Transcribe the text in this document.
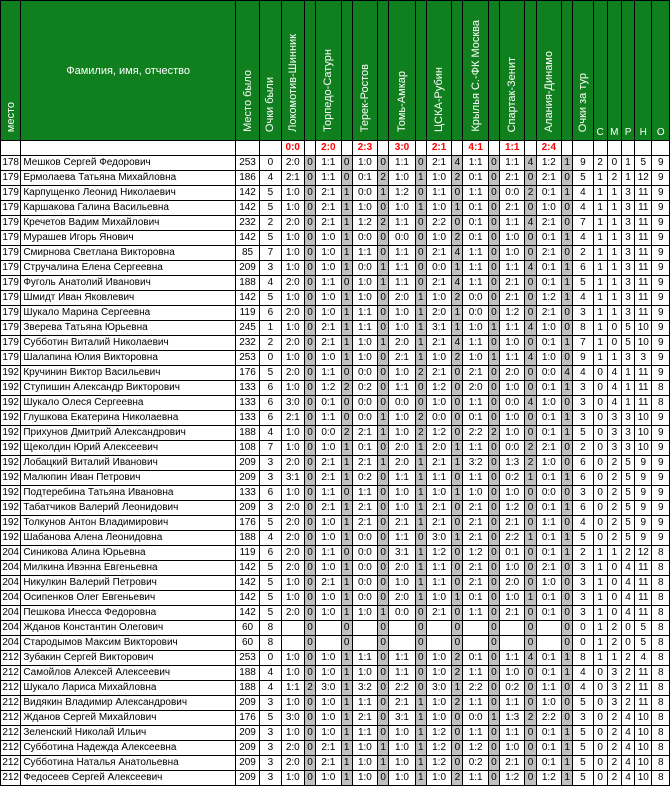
место	Фамилия, имя, отчество	Место было	Очки были	Локомотив-Шинник		Торпедо-Сатурн		Терек-Ростов		Томь-Амкар		ЦСКА-Рубин		Крылья С.-ФК Москва		Спартак-Зенит		Алания-Динамо		Очки за тур	С	М	Р	Н	О
				0:0		2:0		2:3		3:0		2:1		4:1		1:1		2:4							
178	Мешков Сергей Федорович	253	0	2:0	0	1:1	0	1:0	0	1:1	0	2:1	4	1:1	0	1:1	4	1:2	1	9	2	0	1	5	9
179	Ермолаева Татьяна Михайловна	186	4	2:1	0	1:1	0	0:1	2	1:0	1	1:0	2	0:1	0	2:1	0	2:1	0	5	1	2	1	12	9
179	Карпущенко Леонид Николаевич	142	5	1:0	0	2:1	1	0:0	1	1:2	0	1:1	0	1:1	0	0:0	2	0:1	1	4	1	1	3	11	9
179	Каршакова Галина Васильевна	142	5	1:0	0	2:1	1	1:0	0	1:0	1	1:0	1	0:1	0	2:1	0	1:0	0	4	1	1	3	11	9
179	Кречетов Вадим Михайлович	232	2	2:0	0	2:1	1	1:2	2	1:1	0	2:2	0	0:1	0	1:1	4	2:1	0	7	1	1	3	11	9
179	Мурашев Игорь Янович	142	5	1:0	0	1:0	1	0:0	0	0:0	0	1:0	2	0:1	0	1:0	0	0:1	1	4	1	1	3	11	9
179	Смирнова Светлана Викторовна	85	7	1:0	0	1:0	1	1:1	0	1:1	0	2:1	4	1:1	0	1:0	0	2:1	0	2	1	1	3	11	9
179	Стручалина Елена Сергеевна	209	3	1:0	0	1:0	1	0:0	1	1:1	0	0:0	1	1:1	0	1:1	4	0:1	1	6	1	1	3	11	9
179	Фуголь Анатолий Иванович	188	4	2:0	0	1:1	0	1:0	1	1:1	0	2:1	4	1:1	0	2:1	0	0:1	1	5	1	1	3	11	9
179	Шмидт Иван Яковлевич	142	5	1:0	0	1:0	1	1:0	0	2:0	1	1:0	2	0:0	0	2:1	0	1:2	1	4	1	1	3	11	9
179	Шукало Марина Сергеевна	119	6	2:0	0	1:0	1	1:1	0	1:0	1	2:0	1	0:0	0	1:2	0	2:1	0	3	1	1	3	11	9
179	Зверева Татьяна Юрьевна	245	1	1:0	0	2:1	1	1:1	0	1:0	1	3:1	1	1:0	1	1:1	4	1:0	0	8	1	0	5	10	9
179	Субботин Виталий Николаевич	232	2	2:0	0	2:1	1	1:0	1	2:0	1	2:1	4	1:1	0	1:0	0	0:1	1	7	1	0	5	10	9
179	Шалапина Юлия Викторовна	253	0	1:0	0	1:0	1	1:0	0	2:1	1	1:0	2	1:0	1	1:1	4	1:0	0	9	1	1	3	3	9
192	Кручинин Виктор Васильевич	176	5	2:0	0	1:1	0	0:0	0	1:0	2	2:1	0	2:1	0	2:0	0	0:0	4	4	0	4	1	11	9
192	Ступишин Александр Викторович	133	6	1:0	0	1:2	2	0:2	0	1:1	0	1:2	0	2:0	0	1:0	0	0:1	1	3	0	4	1	11	8
192	Шукало Олеся Сергеевна	133	6	3:0	0	0:1	0	0:0	0	0:0	0	1:0	0	1:1	0	0:0	4	1:0	0	3	0	4	1	11	8
192	Глушкова Екатерина Николаевна	133	6	2:1	0	1:1	0	0:0	1	1:0	2	0:0	0	0:1	0	1:0	0	0:1	1	3	0	3	3	10	9
192	Прихунов Дмитрий Александрович	188	4	1:0	0	0:0	2	2:1	1	1:0	2	1:2	0	2:2	2	1:0	0	0:1	1	5	0	3	3	10	9
192	Щеколдин Юрий Алексеевич	108	7	1:0	0	1:0	1	0:1	0	2:0	1	2:0	1	1:1	0	0:0	2	2:1	0	2	0	3	3	10	9
192	Лобацкий Виталий Иванович	209	3	2:0	0	2:1	1	2:1	1	2:0	1	2:1	1	3:2	0	1:3	2	1:0	0	6	0	2	5	9	9
192	Малюпин Иван Петрович	209	3	3:1	0	2:1	1	0:2	0	1:1	1	1:1	0	1:1	0	0:2	1	0:1	1	6	0	2	5	9	9
192	Подтеребина Татьяна Ивановна	133	6	1:0	0	1:1	0	1:1	0	1:0	1	1:0	1	1:0	0	1:0	0	0:0	0	3	0	2	5	9	9
192	Табатчиков Валерий Леонидович	209	3	2:0	0	2:1	1	2:1	0	1:0	1	2:1	0	2:1	0	1:2	0	0:1	1	6	0	2	5	9	9
192	Толкунов Антон Владимирович	176	5	2:0	0	1:0	1	2:1	0	2:1	1	2:1	0	2:1	0	2:1	0	1:1	0	4	0	2	5	9	9
192	Шабанова Алена Леонидовна	188	4	2:0	0	1:0	1	0:0	0	1:1	0	3:0	1	2:1	0	2:2	1	0:1	1	5	0	2	5	9	9
204	Синикова Алина Юрьевна	119	6	2:0	0	1:1	0	0:0	0	3:1	1	1:2	0	1:2	0	0:1	0	0:1	1	2	1	1	2	12	8
204	Милкина Ивэнна Евгеньевна	142	5	2:0	0	1:0	1	0:0	0	2:0	1	1:1	0	2:1	0	1:0	0	2:1	0	3	1	0	4	11	8
204	Никулкин Валерий Петрович	142	5	1:0	0	2:1	1	0:0	0	1:0	1	1:1	0	2:1	0	2:0	0	1:0	0	3	1	0	4	11	8
204	Осипенков Олег Евгеньевич	142	5	1:0	0	1:0	1	0:0	0	2:0	1	1:0	1	0:1	0	1:0	1	0:1	0	3	1	0	4	11	8
204	Пешкова Инесса Федоровна	142	5	2:0	0	1:0	1	1:0	1	0:0	0	2:1	0	1:1	0	2:1	0	0:1	0	3	1	0	4	11	8
204	Жданов Константин Олегович	60	8		0		0		0		0		0		0		0		0	0	1	2	0	5	8
204	Стародымов Максим Викторович	60	8		0		0		0		0		0		0		0		0	0	1	2	0	5	8
212	Зубакин Сергей Викторович	253	0	1:0	0	1:0	1	1:1	0	1:1	0	1:0	2	0:1	0	1:1	4	0:1	1	8	1	1	2	4	8
212	Самойлов Алексей Алексеевич	188	4	1:0	0	1:0	1	1:0	0	1:1	0	1:0	2	1:1	0	1:0	0	0:1	1	4	0	3	2	11	8
212	Шукало Лариса Михайловна	188	4	1:1	2	3:0	1	3:2	0	2:2	0	3:0	1	2:2	0	0:2	0	1:1	0	4	0	3	2	11	8
212	Видякин Владимир Александрович	209	3	1:0	0	1:0	1	1:1	0	2:1	1	1:0	2	1:1	0	1:1	0	1:0	0	5	0	3	2	11	8
212	Жданов Сергей Михайлович	176	5	3:0	0	1:0	1	2:1	0	3:1	1	1:0	0	0:0	1	1:3	2	2:2	0	3	0	2	4	10	8
212	Зеленский Николай Ильич	209	3	1:0	0	1:0	1	1:1	0	1:0	1	1:2	0	1:1	0	1:1	0	0:1	1	5	0	2	4	10	8
212	Субботина Надежда Алексеевна	209	3	2:0	0	2:1	1	1:0	1	1:0	1	1:2	0	1:2	0	1:0	0	0:1	1	5	0	2	4	10	8
212	Субботина Наталья Анатольевна	209	3	2:0	0	2:1	1	1:0	1	1:0	1	1:2	0	0:2	0	2:1	0	0:1	1	5	0	2	4	10	8
212	Федосеев Сергей Алексеевич	209	3	1:0	0	1:0	1	1:0	0	1:0	1	1:0	2	1:1	0	1:2	0	1:2	1	5	0	2	4	10	8
